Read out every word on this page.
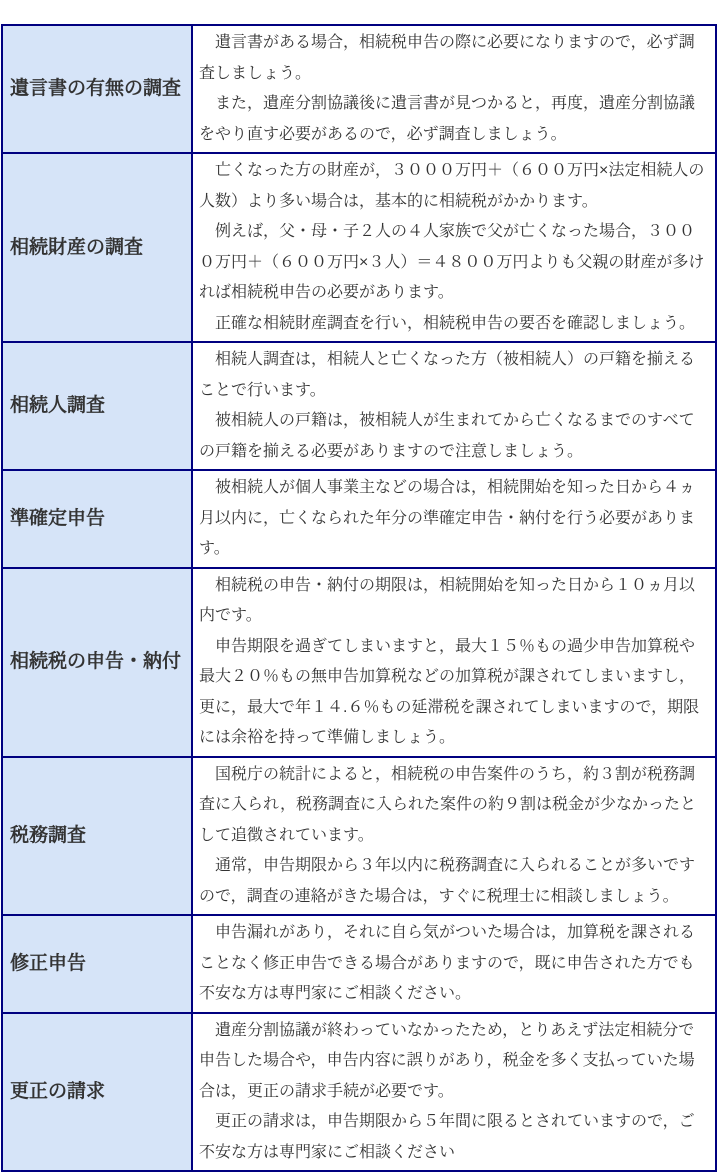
遺言書の有無の調査	　遺言書がある場合，相続税申告の際に必要になりますので，必ず調査しましょう。

　また，遺産分割協議後に遺言書が見つかると，再度，遺産分割協議をやり直す必要があるので，必ず調査しましょう。

相続財産の調査	　亡くなった方の財産が，３０００万円＋（６００万円×法定相続人の人数）より多い場合は，基本的に相続税がかかります。

　例えば，父・母・子２人の４人家族で父が亡くなった場合，３０００万円＋（６００万円×３人）＝４８００万円よりも父親の財産が多ければ相続税申告の必要があります。

　正確な相続財産調査を行い，相続税申告の要否を確認しましょう。

相続人調査	　相続人調査は，相続人と亡くなった方（被相続人）の戸籍を揃えることで行います。

　被相続人の戸籍は，被相続人が生まれてから亡くなるまでのすべての戸籍を揃える必要がありますので注意しましょう。

準確定申告	　被相続人が個人事業主などの場合は，相続開始を知った日から４ヵ月以内に，亡くなられた年分の準確定申告・納付を行う必要があります。

相続税の申告・納付	　相続税の申告・納付の期限は，相続開始を知った日から１０ヵ月以内です。

　申告期限を過ぎてしまいますと，最大１５％もの過少申告加算税や最大２０％もの無申告加算税などの加算税が課されてしまいますし，更に，最大で年１４.６％もの延滞税を課されてしまいますので，期限には余裕を持って準備しましょう。

税務調査	　国税庁の統計によると，相続税の申告案件のうち，約３割が税務調査に入られ，税務調査に入られた案件の約９割は税金が少なかったとして追徴されています。

　通常，申告期限から３年以内に税務調査に入られることが多いですので，調査の連絡がきた場合は，すぐに税理士に相談しましょう。

修正申告	　申告漏れがあり，それに自ら気がついた場合は，加算税を課されることなく修正申告できる場合がありますので，既に申告された方でも不安な方は専門家にご相談ください。

更正の請求	　遺産分割協議が終わっていなかったため，とりあえず法定相続分で申告した場合や，申告内容に誤りがあり，税金を多く支払っていた場合は，更正の請求手続が必要です。

　更正の請求は，申告期限から５年間に限るとされていますので，ご不安な方は専門家にご相談ください
